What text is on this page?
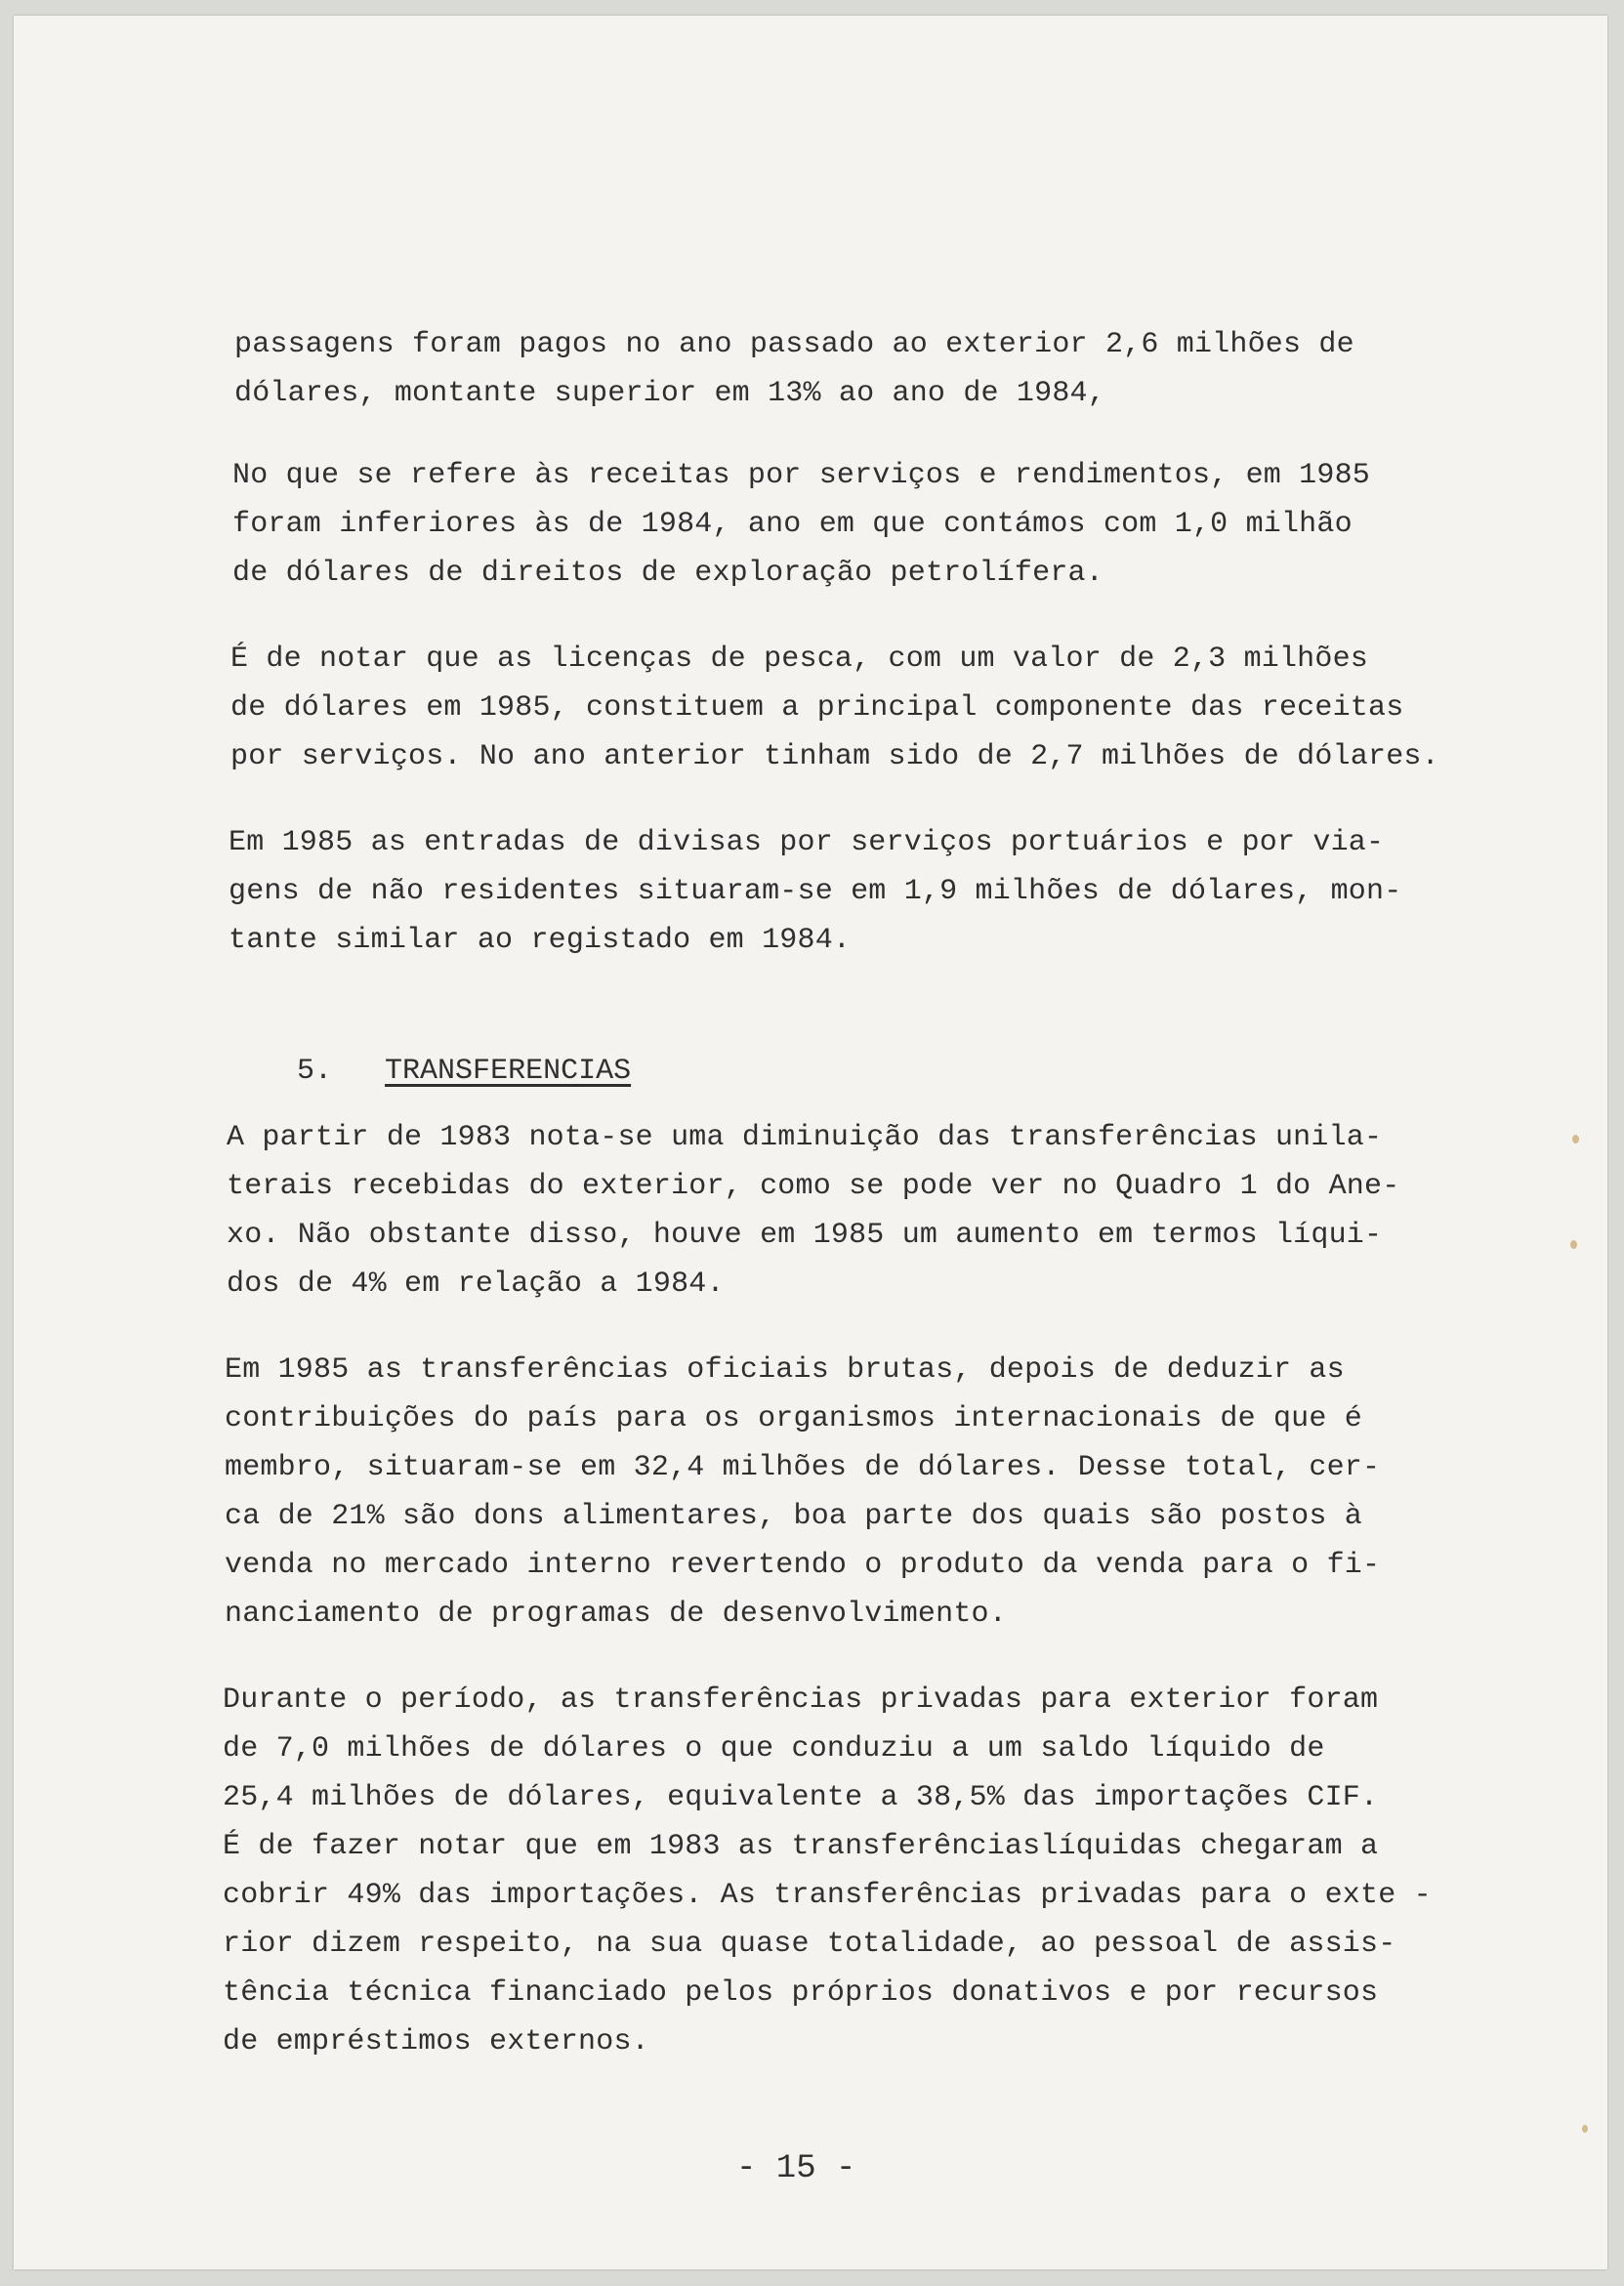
passagens foram pagos no ano passado ao exterior 2,6 milhões de
dólares, montante superior em 13% ao ano de 1984,
No que se refere às receitas por serviços e rendimentos, em 1985
foram inferiores às de 1984, ano em que contámos com 1,0 milhão
de dólares de direitos de exploração petrolífera.
É de notar que as licenças de pesca, com um valor de 2,3 milhões
de dólares em 1985, constituem a principal componente das receitas
por serviços. No ano anterior tinham sido de 2,7 milhões de dólares.
Em 1985 as entradas de divisas por serviços portuários e por via-
gens de não residentes situaram-se em 1,9 milhões de dólares, mon-
tante similar ao registado em 1984.

5. TRANSFERENCIAS

A partir de 1983 nota-se uma diminuição das transferências unila-
terais recebidas do exterior, como se pode ver no Quadro 1 do Ane-
xo. Não obstante disso, houve em 1985 um aumento em termos líqui-
dos de 4% em relação a 1984.
Em 1985 as transferências oficiais brutas, depois de deduzir as
contribuições do país para os organismos internacionais de que é
membro, situaram-se em 32,4 milhões de dólares. Desse total, cer-
ca de 21% são dons alimentares, boa parte dos quais são postos à
venda no mercado interno revertendo o produto da venda para o fi-
nanciamento de programas de desenvolvimento.
Durante o período, as transferências privadas para exterior foram
de 7,0 milhões de dólares o que conduziu a um saldo líquido de
25,4 milhões de dólares, equivalente a 38,5% das importações CIF.
É de fazer notar que em 1983 as transferênciaslíquidas chegaram a
cobrir 49% das importações. As transferências privadas para o exte -
rior dizem respeito, na sua quase totalidade, ao pessoal de assis-
tência técnica financiado pelos próprios donativos e por recursos
de empréstimos externos.
- 15 -
